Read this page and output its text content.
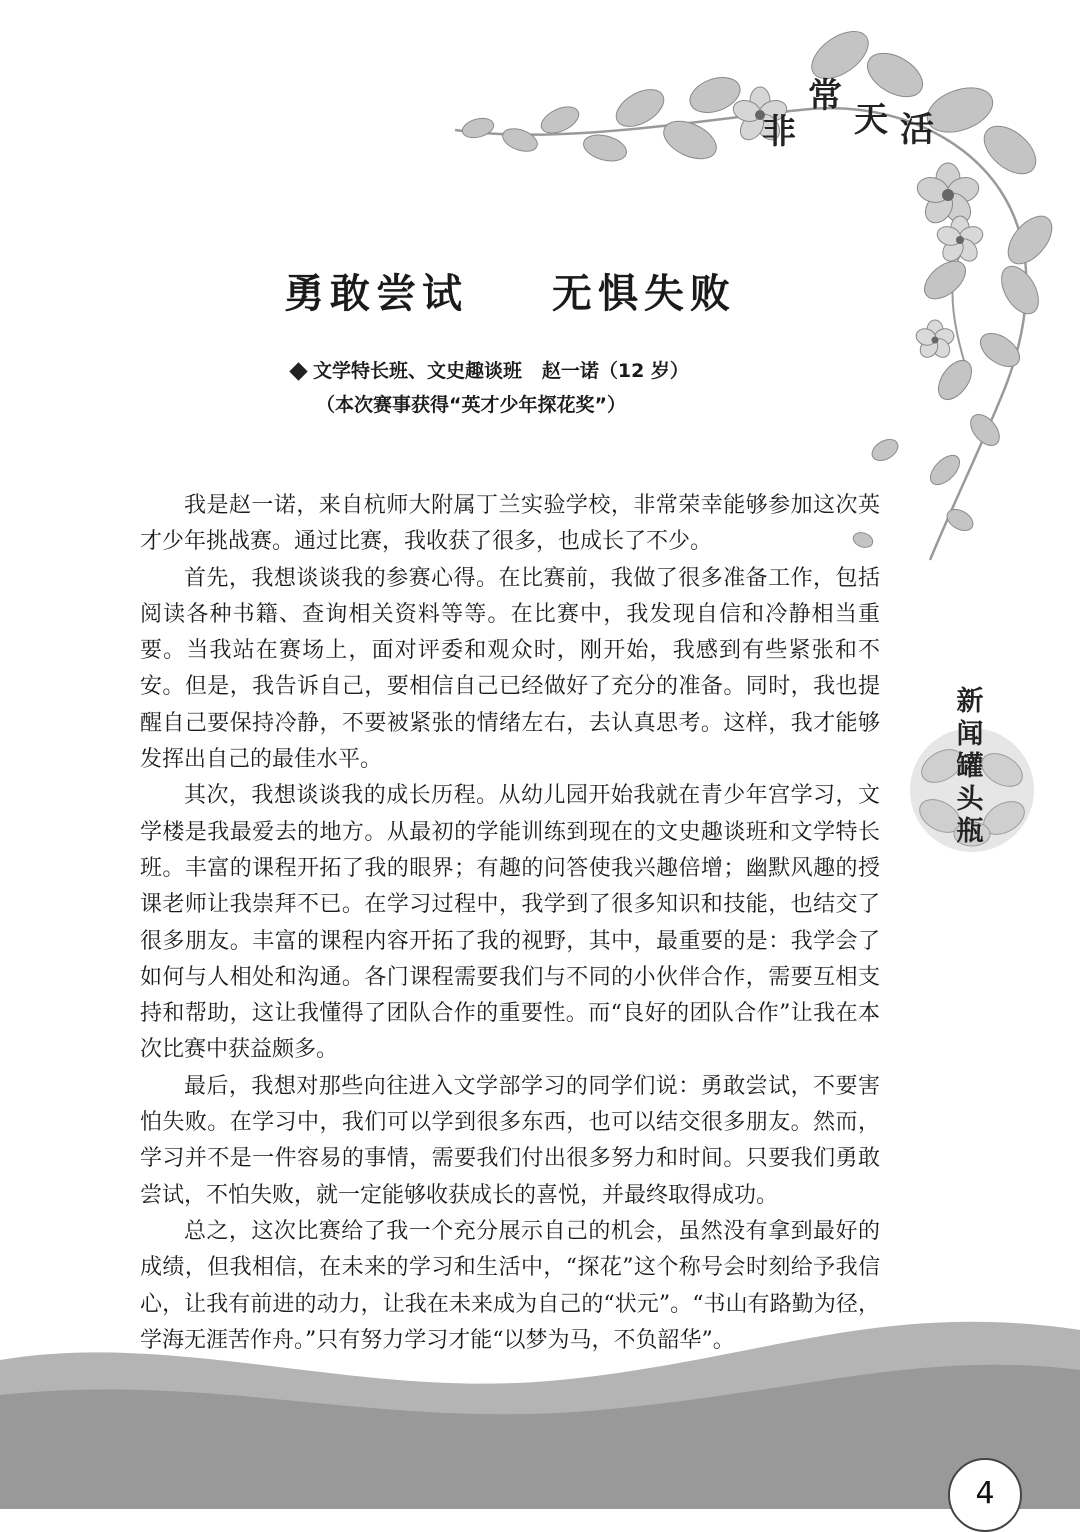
非
常
天 活
勇敢尝试  无惧失败
文学特长班、文史趣谈班   赵一诺（12 岁）
（本次赛事获得“英才少年探花奖”）

我是赵一诺，来自杭师大附属丁兰实验学校，非常荣幸能够参加这次英才少年挑战赛。通过比赛，我收获了很多，也成长了不少。

首先，我想谈谈我的参赛心得。在比赛前，我做了很多准备工作，包括阅读各种书籍、查询相关资料等等。在比赛中，我发现自信和冷静相当重要。当我站在赛场上，面对评委和观众时，刚开始，我感到有些紧张和不安。但是，我告诉自己，要相信自己已经做好了充分的准备。同时，我也提醒自己要保持冷静，不要被紧张的情绪左右，去认真思考。这样，我才能够发挥出自己的最佳水平。

其次，我想谈谈我的成长历程。从幼儿园开始我就在青少年宫学习，文学楼是我最爱去的地方。从最初的学能训练到现在的文史趣谈班和文学特长班。丰富的课程开拓了我的眼界；有趣的问答使我兴趣倍增；幽默风趣的授课老师让我崇拜不已。在学习过程中，我学到了很多知识和技能，也结交了很多朋友。丰富的课程内容开拓了我的视野，其中，最重要的是：我学会了如何与人相处和沟通。各门课程需要我们与不同的小伙伴合作，需要互相支持和帮助，这让我懂得了团队合作的重要性。而“良好的团队合作”让我在本次比赛中获益颇多。

最后，我想对那些向往进入文学部学习的同学们说：勇敢尝试，不要害怕失败。在学习中，我们可以学到很多东西，也可以结交很多朋友。然而，学习并不是一件容易的事情，需要我们付出很多努力和时间。只要我们勇敢尝试，不怕失败，就一定能够收获成长的喜悦，并最终取得成功。

总之，这次比赛给了我一个充分展示自己的机会，虽然没有拿到最好的成绩，但我相信，在未来的学习和生活中，“探花”这个称号会时刻给予我信心，让我有前进的动力，让我在未来成为自己的“状元”。“书山有路勤为径，学海无涯苦作舟。”只有努力学习才能“以梦为马，不负韶华”。

新
闻
罐
头
瓶
4
